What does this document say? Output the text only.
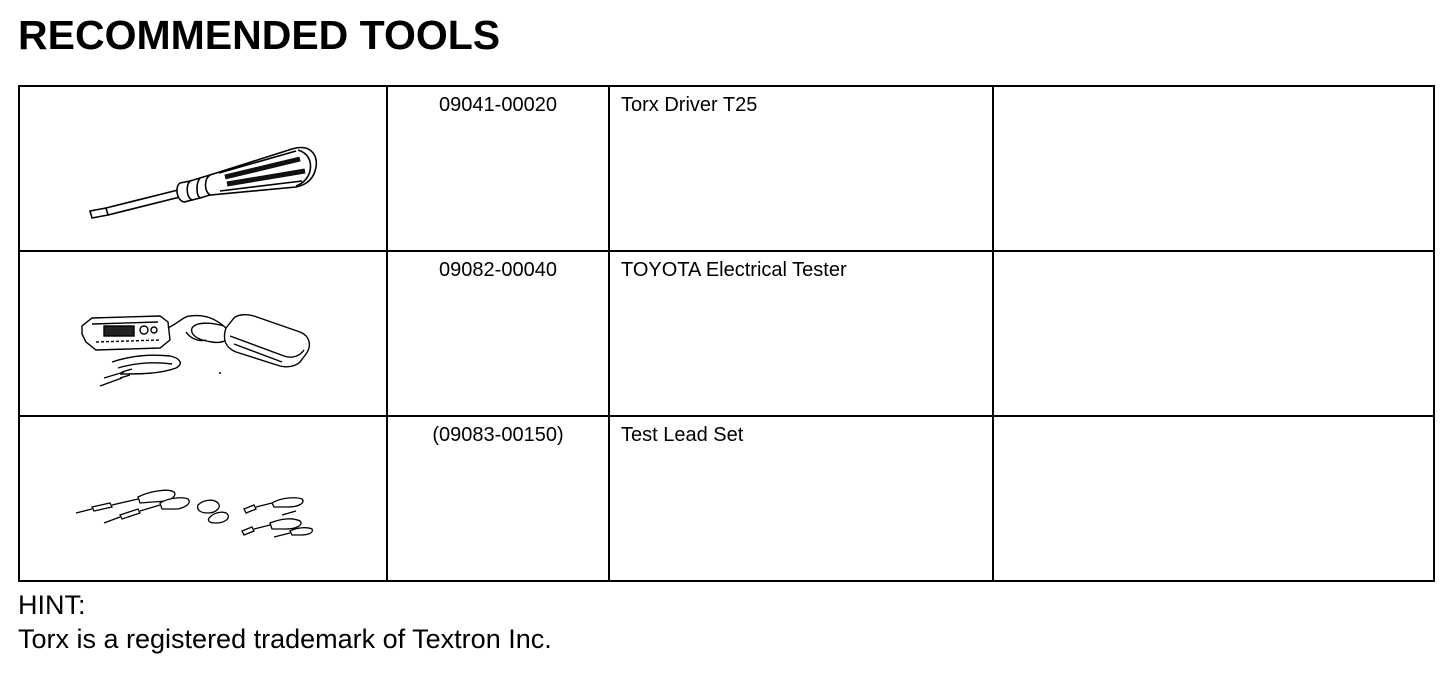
RECOMMENDED TOOLS

09041-00020	Torx Driver T25	

09082-00040	TOYOTA Electrical Tester	

(09083-00150)	Test Lead Set	

HINT:
Torx is a registered trademark of Textron Inc.
